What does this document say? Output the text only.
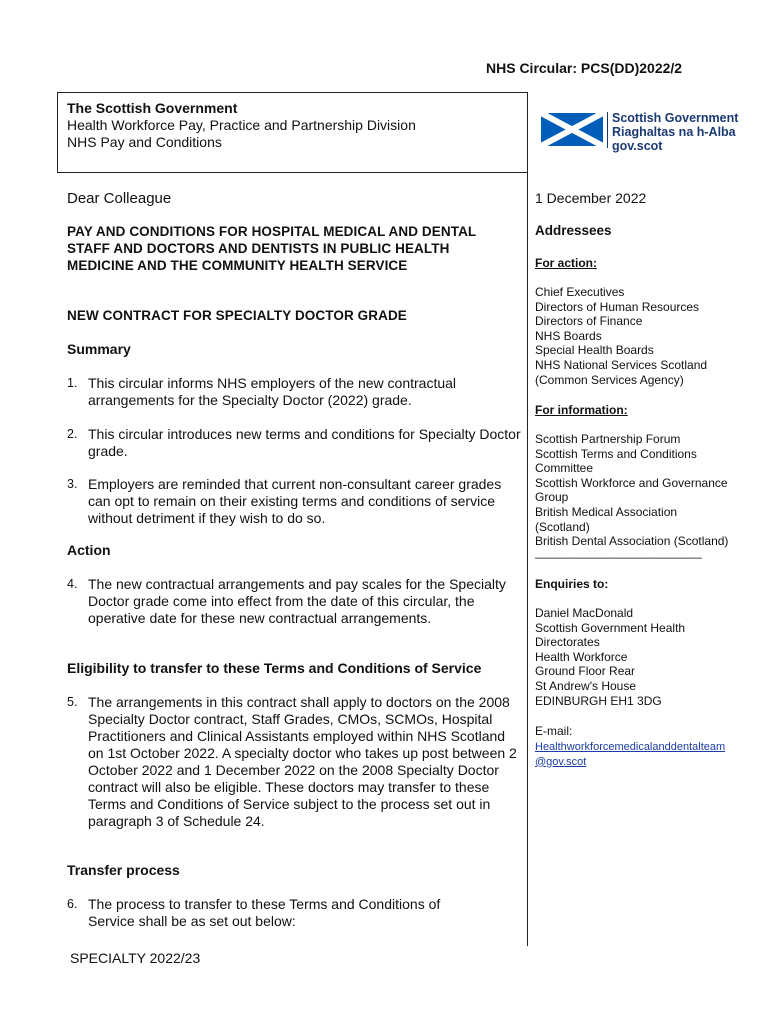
NHS Circular: PCS(DD)2022/2
The Scottish Government
Health Workforce Pay, Practice and Partnership Division
NHS Pay and Conditions
Scottish Government
Riaghaltas na h-Alba
gov.scot
Dear Colleague
PAY AND CONDITIONS FOR HOSPITAL MEDICAL AND DENTAL STAFF AND DOCTORS AND DENTISTS IN PUBLIC HEALTH MEDICINE AND THE COMMUNITY HEALTH SERVICE
NEW CONTRACT FOR SPECIALTY DOCTOR GRADE
Summary
1. This circular informs NHS employers of the new contractual arrangements for the Specialty Doctor (2022) grade.
2. This circular introduces new terms and conditions for Specialty Doctor grade.
3. Employers are reminded that current non-consultant career grades can opt to remain on their existing terms and conditions of service without detriment if they wish to do so.
Action
4. The new contractual arrangements and pay scales for the Specialty Doctor grade come into effect from the date of this circular, the operative date for these new contractual arrangements.
Eligibility to transfer to these Terms and Conditions of Service
5. The arrangements in this contract shall apply to doctors on the 2008 Specialty Doctor contract, Staff Grades, CMOs, SCMOs, Hospital Practitioners and Clinical Assistants employed within NHS Scotland on 1st October 2022. A specialty doctor who takes up post between 2 October 2022 and 1 December 2022 on the 2008 Specialty Doctor contract will also be eligible. These doctors may transfer to these Terms and Conditions of Service subject to the process set out in paragraph 3 of Schedule 24.
Transfer process
6. The process to transfer to these Terms and Conditions of Service shall be as set out below:
SPECIALTY 2022/23
1 December 2022
Addressees
For action:
Chief Executives
Directors of Human Resources
Directors of Finance
NHS Boards
Special Health Boards
NHS National Services Scotland
(Common Services Agency)
For information:
Scottish Partnership Forum
Scottish Terms and Conditions
Committee
Scottish Workforce and Governance
Group
British Medical Association
(Scotland)
British Dental Association (Scotland)
_________________________
Enquiries to:
Daniel MacDonald
Scottish Government Health
Directorates
Health Workforce
Ground Floor Rear
St Andrew's House
EDINBURGH EH1 3DG
E-mail:
Healthworkforcemedicalanddentalteam
@gov.scot
